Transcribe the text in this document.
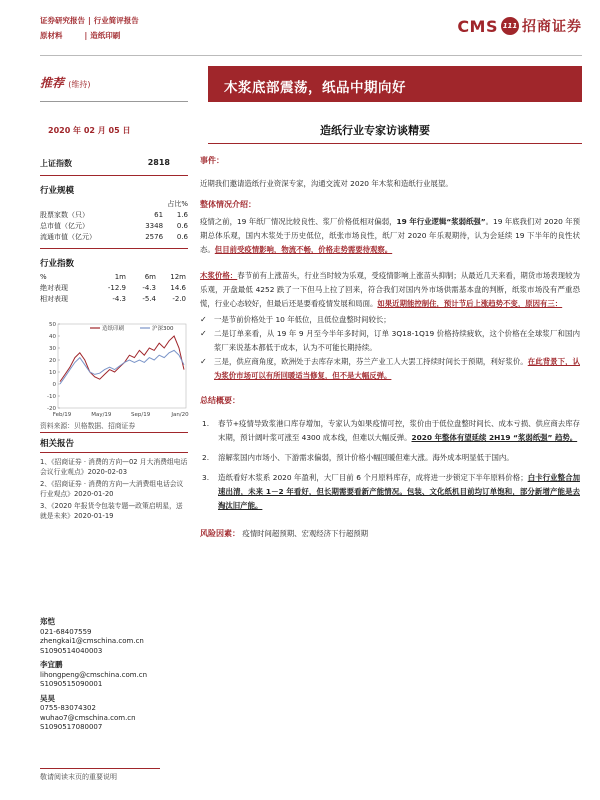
证券研究报告 | 行业简评报告
原材料	| 造纸印刷	CMS 111 招商证券
推荐 (维持)	木浆底部震荡，纸品中期向好
2020 年 02 月 05 日	造纸行业专家访谈精要
上证指数	2818
行业规模
占比%
股票家数（只）	61	1.6
总市值（亿元）	3348	0.6
流通市值（亿元）	2576	0.6
行业指数
%	1m	6m	12m
绝对表现	-12.9	-4.3	14.6
相对表现	-4.3	-5.4	-2.0
50
40
30
20
10
0
-10
-20
Feb/19	May/19	Sep/19	Jan/20
造纸印刷	沪深300
资料来源：贝格数据、招商证券
相关报告
1、《招商证券 · 消费的方向—02 月大消费组电话会议行业观点》2020-02-03
2、《招商证券 · 消费的方向—大消费组电话会议行业观点》2020-01-20
3、《2020 年报货令包装专题—政策启明星，送就是未来》2020-01-19
郑恺
021-68407559
zhengkai1@cmschina.com.cn
S1090514040003
李宜鹏
lihongpeng@cmschina.com.cn
S1090515090001
吴昊
0755-83074302
wuhao7@cmschina.com.cn
S1090517080007
事件：
近期我们邀请造纸行业资深专家，沟通交流对 2020 年木浆和造纸行业展望。
整体情况介绍：
疫情之前，19 年纸厂情况比较良性、浆厂价格低相对偏弱，19 年行业逻辑“浆弱纸强”。19 年底我们对 2020 年预期总体乐观，国内木浆处于历史低位，纸张市场良性，纸厂对 2020 年乐观期待，认为会延续 19 下半年的良性状态。但目前受疫情影响，物流不畅，价格走势需要待观察。
木浆价格：春节前有上涨苗头，行业当时较为乐观，受疫情影响上涨苗头抑制；从最近几天来看，期货市场表现较为乐观，开盘最低 4252 跌了一下但马上拉了回来，符合我们对国内外市场供需基本盘的判断，纸浆市场没有严重恐慌，行业心态较好，但最后还是要看疫情发展和局面。如果近期能控制住，预计节后上涨趋势不变，原因有三：
✓ 一是节前价格处于 10 年低位，且低位盘整时间较长；
✓ 二是订单来看，从 19 年 9 月至今半年多时间，订单 3Q18-1Q19 价格持续疲软，这个价格在全球浆厂和国内浆厂来说基本都低于成本，认为不可能长期持续。
✓ 三是，供应商角度，欧洲处于去库存末期，芬兰产业工人大罢工持续时间长于预期，利好浆价。在此背景下，认为浆价市场可以有所回暖适当修复，但不是大幅反弹。
总结概要：
1.	春节+疫情导致浆港口库存增加，专家认为如果疫情可控，浆价由于低位盘整时间长、成本亏损、供应商去库存末期，预计阔叶浆可涨至 4300 成本线，但难以大幅反弹。2020 年整体有望延续 2H19 “浆弱纸强” 趋势。
2.	溶解浆国内市场小、下游需求偏弱，预计价格小幅回暖但难大涨。海外成本明显低于国内。
3.	造纸看好木浆系 2020 年盈利，大厂目前 6 个月原料库存，成将进一步锁定下半年原料价格；白卡行业整合加速出清，未来 1－2 年看好，但长期需要看新产能情况。包装、文化纸机目前均订单饱和，部分新增产能是去淘汰旧产能。
风险因素： 疫情时间超预期、宏观经济下行超预期
敬请阅读末页的重要说明
